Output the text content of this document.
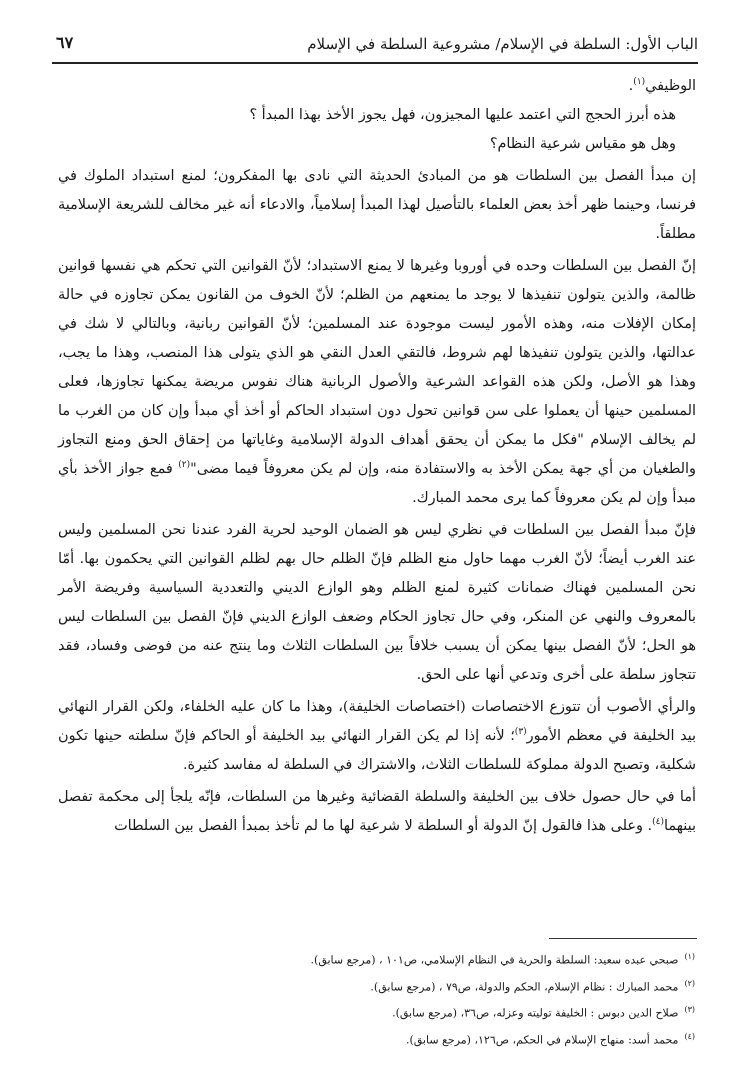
الباب الأول: السلطة في الإسلام/ مشروعية السلطة في الإسلام
٦٧

الوظيفي$^{(١)}$.

هذه أبرز الحجج التي اعتمد عليها المجيزون، فهل يجوز الأخذ بهذا المبدأ ؟

وهل هو مقياس شرعية النظام؟

إن مبدأ الفصل بين السلطات هو من المبادئ الحديثة التي نادى بها المفكرون؛ لمنع استبداد الملوك في فرنسا، وحينما ظهر أخذ بعض العلماء بالتأصيل لهذا المبدأ إسلامياً، والادعاء أنه غير مخالف للشريعة الإسلامية مطلقاً.

إنّ الفصل بين السلطات وحده في أوروبا وغيرها لا يمنع الاستبداد؛ لأنّ القوانين التي تحكم هي نفسها قوانين ظالمة، والذين يتولون تنفيذها لا يوجد ما يمنعهم من الظلم؛ لأنّ الخوف من القانون يمكن تجاوزه في حالة إمكان الإفلات منه، وهذه الأمور ليست موجودة عند المسلمين؛ لأنّ القوانين ربانية، وبالتالي لا شك في عدالتها، والذين يتولون تنفيذها لهم شروط، فالتقي العدل النقي هو الذي يتولى هذا المنصب، وهذا ما يجب، وهذا هو الأصل، ولكن هذه القواعد الشرعية والأصول الربانية هناك نفوس مريضة يمكنها تجاوزها، فعلى المسلمين حينها أن يعملوا على سن قوانين تحول دون استبداد الحاكم أو أخذ أي مبدأ وإن كان من الغرب ما لم يخالف الإسلام "فكل ما يمكن أن يحقق أهداف الدولة الإسلامية وغاياتها من إحقاق الحق ومنع التجاوز والطغيان من أي جهة يمكن الأخذ به والاستفادة منه، وإن لم يكن معروفاً فيما مضى"$^{(٢)}$ فمع جواز الأخذ بأي مبدأ وإن لم يكن معروفاً كما يرى محمد المبارك.

فإنّ مبدأ الفصل بين السلطات في نظري ليس هو الضمان الوحيد لحرية الفرد عندنا نحن المسلمين وليس عند الغرب أيضاً؛ لأنّ الغرب مهما حاول منع الظلم فإنّ الظلم حال بهم لظلم القوانين التي يحكمون بها. أمّا نحن المسلمين فهناك ضمانات كثيرة لمنع الظلم وهو الوازع الديني والتعددية السياسية وفريضة الأمر بالمعروف والنهي عن المنكر، وفي حال تجاوز الحكام وضعف الوازع الديني فإنّ الفصل بين السلطات ليس هو الحل؛ لأنّ الفصل بينها يمكن أن يسبب خلافاً بين السلطات الثلاث وما ينتج عنه من فوضى وفساد، فقد تتجاوز سلطة على أخرى وتدعي أنها على الحق.

والرأي الأصوب أن تتوزع الاختصاصات (اختصاصات الخليفة)، وهذا ما كان عليه الخلفاء، ولكن القرار النهائي بيد الخليفة في معظم الأمور$^{(٣)}$؛ لأنه إذا لم يكن القرار النهائي بيد الخليفة أو الحاكم فإنّ سلطته حينها تكون شكلية، وتصبح الدولة مملوكة للسلطات الثلاث، والاشتراك في السلطة له مفاسد كثيرة.

أما في حال حصول خلاف بين الخليفة والسلطة القضائية وغيرها من السلطات، فإنّه يلجأ إلى محكمة تفصل بينهما$^{(٤)}$. وعلى هذا فالقول إنّ الدولة أو السلطة لا شرعية لها ما لم تأخذ بمبدأ الفصل بين السلطات

$^{(١)}$صبحي عبده سعيد: السلطة والحرية في النظام الإسلامي، ص١٠١ ، (مرجع سابق).
$^{(٢)}$محمد المبارك : نظام الإسلام، الحكم والدولة، ص٧٩ ، (مرجع سابق).
$^{(٣)}$صلاح الدين دبوس : الخليفة توليته وعزله، ص٣٦، (مرجع سابق).
$^{(٤)}$محمد أسد: منهاج الإسلام في الحكم، ص١٢٦، (مرجع سابق).
